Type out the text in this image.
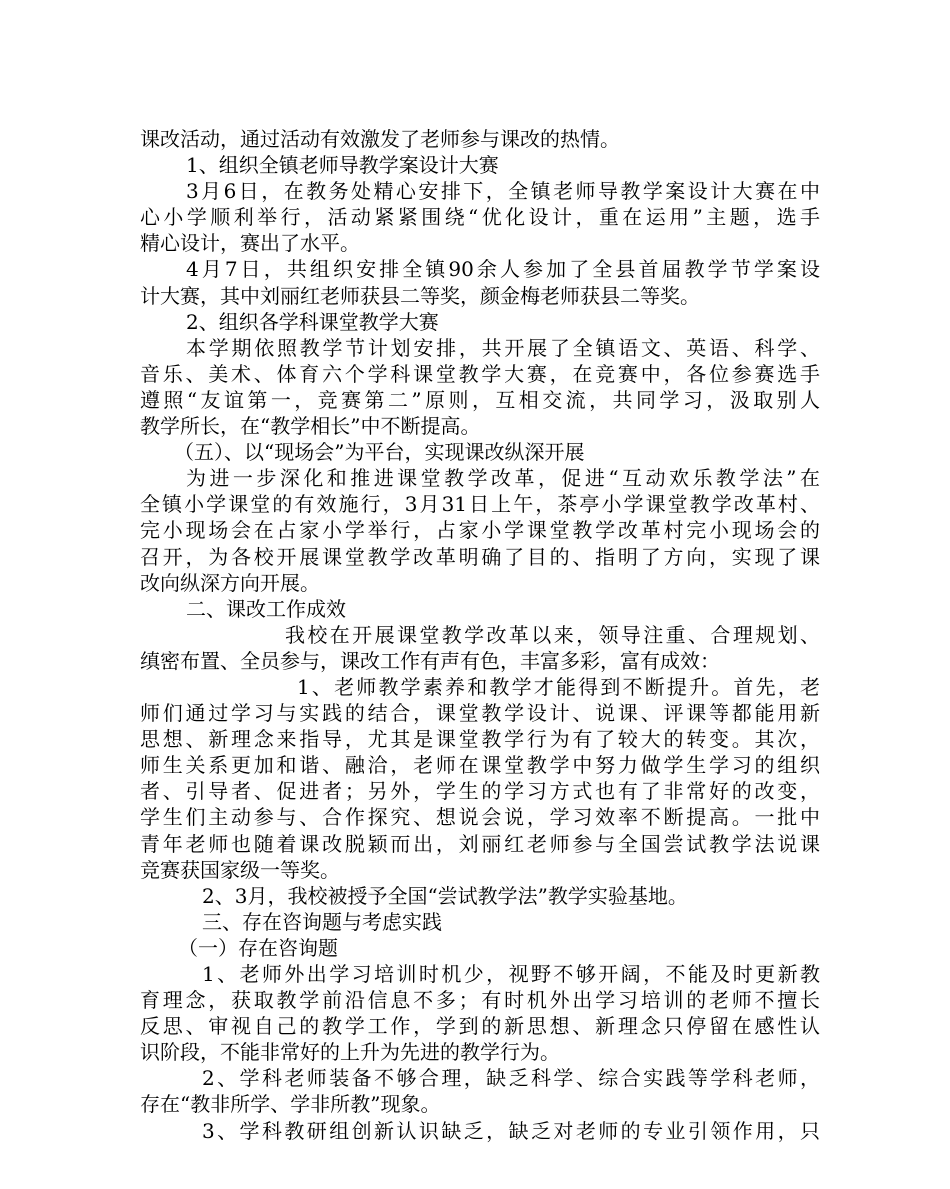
课改活动，通过活动有效激发了老师参与课改的热情。
1、组织全镇老师导教学案设计大赛
3月6日，在教务处精心安排下，全镇老师导教学案设计大赛在中
心小学顺利举行，活动紧紧围绕“优化设计，重在运用”主题，选手
精心设计，赛出了水平。
4月7日，共组织安排全镇90余人参加了全县首届教学节学案设
计大赛，其中刘丽红老师获县二等奖，颜金梅老师获县二等奖。
2、组织各学科课堂教学大赛
本学期依照教学节计划安排，共开展了全镇语文、英语、科学、
音乐、美术、体育六个学科课堂教学大赛，在竞赛中，各位参赛选手
遵照“友谊第一，竞赛第二”原则，互相交流，共同学习，汲取别人
教学所长，在“教学相长”中不断提高。
（五）、以“现场会”为平台，实现课改纵深开展
为进一步深化和推进课堂教学改革，促进“互动欢乐教学法”在
全镇小学课堂的有效施行，3月31日上午，茶亭小学课堂教学改革村、
完小现场会在占家小学举行，占家小学课堂教学改革村完小现场会的
召开，为各校开展课堂教学改革明确了目的、指明了方向，实现了课
改向纵深方向开展。
二、课改工作成效
我校在开展课堂教学改革以来，领导注重、合理规划、
缜密布置、全员参与，课改工作有声有色，丰富多彩，富有成效：
1、老师教学素养和教学才能得到不断提升。首先，老
师们通过学习与实践的结合，课堂教学设计、说课、评课等都能用新
思想、新理念来指导，尤其是课堂教学行为有了较大的转变。其次，
师生关系更加和谐、融洽，老师在课堂教学中努力做学生学习的组织
者、引导者、促进者；另外，学生的学习方式也有了非常好的改变，
学生们主动参与、合作探究、想说会说，学习效率不断提高。一批中
青年老师也随着课改脱颖而出，刘丽红老师参与全国尝试教学法说课
竞赛获国家级一等奖。
2、3月，我校被授予全国“尝试教学法”教学实验基地。
三、存在咨询题与考虑实践
（一）存在咨询题
1、老师外出学习培训时机少，视野不够开阔，不能及时更新教
育理念，获取教学前沿信息不多；有时机外出学习培训的老师不擅长
反思、审视自己的教学工作，学到的新思想、新理念只停留在感性认
识阶段，不能非常好的上升为先进的教学行为。
2、学科老师装备不够合理，缺乏科学、综合实践等学科老师，
存在“教非所学、学非所教”现象。
3、学科教研组创新认识缺乏，缺乏对老师的专业引领作用，只
